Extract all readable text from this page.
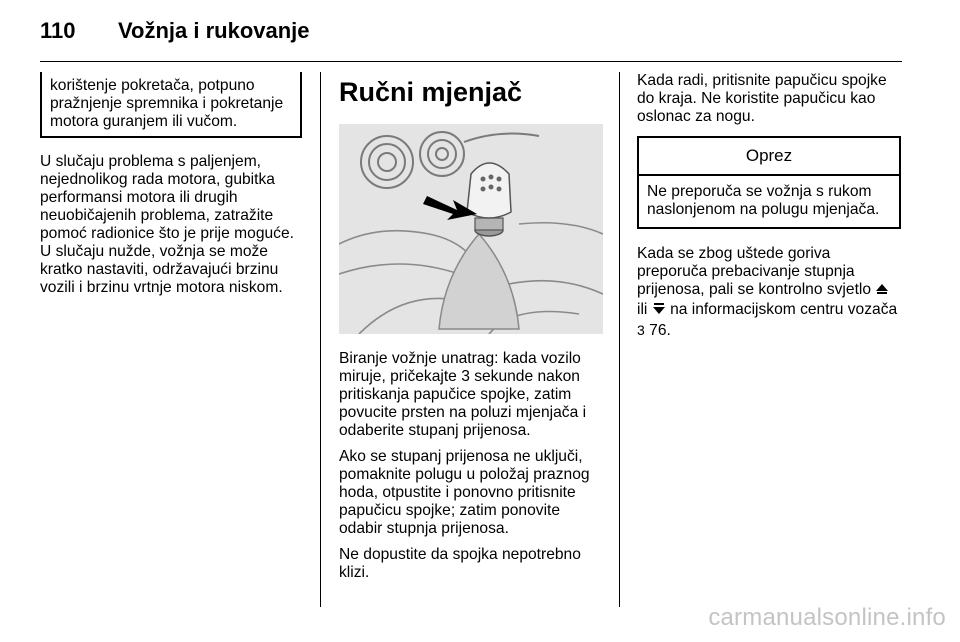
110	Vožnja i rukovanje
korištenje pokretača, potpuno pražnjenje spremnika i pokretanje motora guranjem ili vučom.

U slučaju problema s paljenjem, nejednolikog rada motora, gubitka performansi motora ili drugih neuobičajenih problema, zatražite pomoć radionice što je prije moguće. U slučaju nužde, vožnja se može kratko nastaviti, održavajući brzinu vozili i brzinu vrtnje motora niskom.

Ručni mjenjač

Biranje vožnje unatrag: kada vozilo miruje, pričekajte 3 sekunde nakon pritiskanja papučice spojke, zatim povucite prsten na poluzi mjenjača i odaberite stupanj prijenosa.

Ako se stupanj prijenosa ne uključi, pomaknite polugu u položaj praznog hoda, otpustite i ponovno pritisnite papučicu spojke; zatim ponovite odabir stupnja prijenosa.

Ne dopustite da spojka nepotrebno klizi.

Kada radi, pritisnite papučicu spojke do kraja. Ne koristite papučicu kao oslonac za nogu.

Oprez
Ne preporuča se vožnja s rukom naslonjenom na polugu mjenjača.

Kada se zbog uštede goriva preporuča prebacivanje stupnja prijenosa, pali se kontrolno svjetlo  ili na informacijskom centru vozača 3 76.

carmanualsonline.info
